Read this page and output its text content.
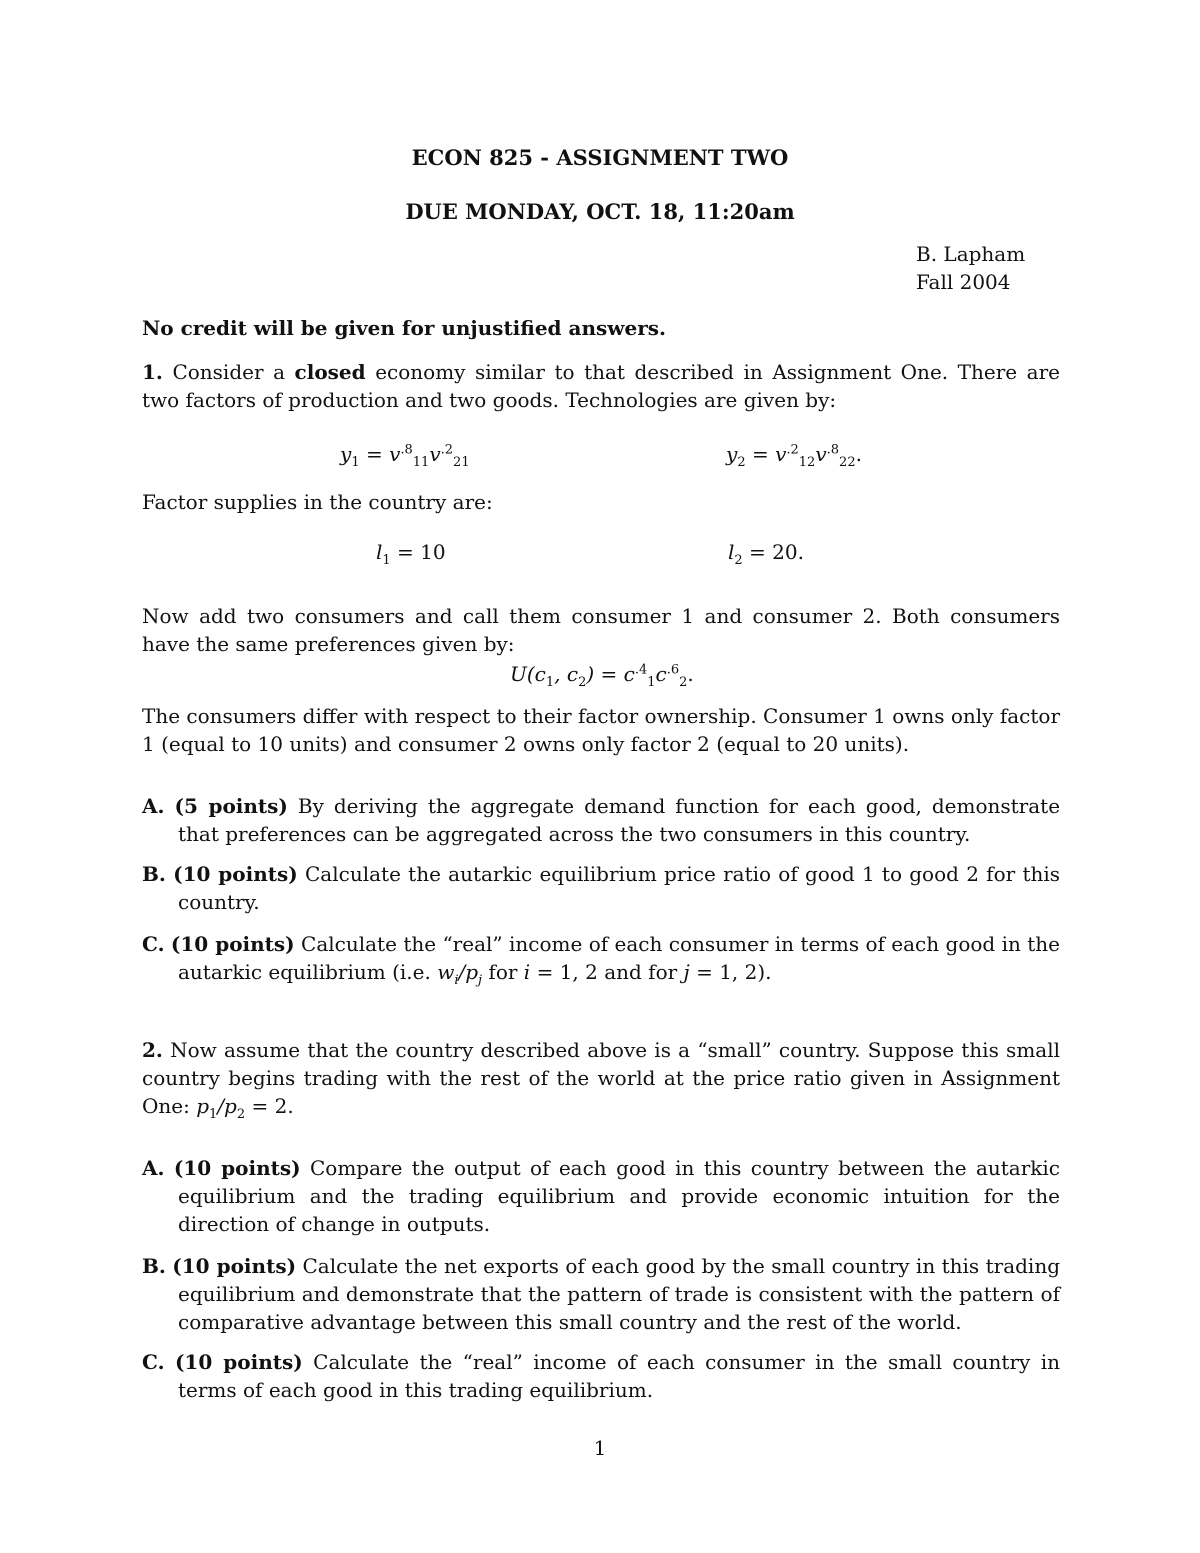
ECON 825 - ASSIGNMENT TWO
DUE MONDAY, OCT. 18, 11:20am
B. Lapham
Fall 2004
No credit will be given for unjustified answers.
1. Consider a closed economy similar to that described in Assignment One. There are two factors of production and two goods. Technologies are given by:
$y_1 = v^{.8}_{11}v^{.2}_{21}$	$y_2 = v^{.2}_{12}v^{.8}_{22}$.
Factor supplies in the country are:
$l_1 = 10$	$l_2 = 20$.
Now add two consumers and call them consumer 1 and consumer 2. Both consumers have the same preferences given by:
$U(c_1$, $c_2) = c^{.4}_1c^{.6}_2$.
The consumers differ with respect to their factor ownership. Consumer 1 owns only factor 1 (equal to 10 units) and consumer 2 owns only factor 2 (equal to 20 units).
A. (5 points) By deriving the aggregate demand function for each good, demonstrate that preferences can be aggregated across the two consumers in this country.
B. (10 points) Calculate the autarkic equilibrium price ratio of good 1 to good 2 for this country.
C. (10 points) Calculate the “real” income of each consumer in terms of each good in the autarkic equilibrium (i.e. $w_i/p_j$ for i = 1, 2 and for j = 1, 2).
2. Now assume that the country described above is a “small” country. Suppose this small country begins trading with the rest of the world at the price ratio given in Assignment One: $p_1/p_2 = 2$.
A. (10 points) Compare the output of each good in this country between the autarkic equilibrium and the trading equilibrium and provide economic intuition for the direction of change in outputs.
B. (10 points) Calculate the net exports of each good by the small country in this trading equilibrium and demonstrate that the pattern of trade is consistent with the pattern of comparative advantage between this small country and the rest of the world.
C. (10 points) Calculate the “real” income of each consumer in the small country in terms of each good in this trading equilibrium.
1
